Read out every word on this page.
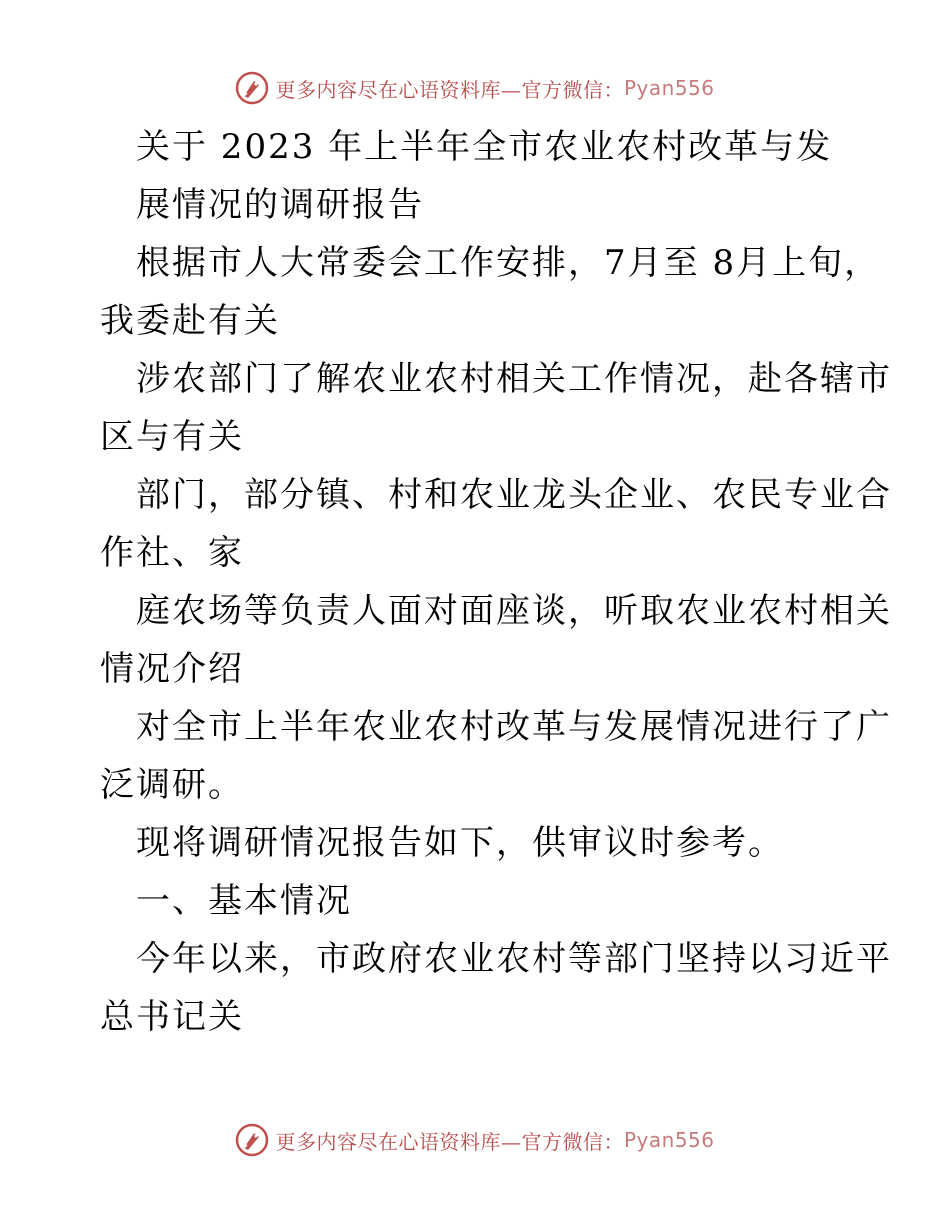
更多内容尽在心语资料库—官方微信： Pyan556
关于 2023 年上半年全市农业农村改革与发
展情况的调研报告
根据市人大常委会工作安排，7月至 8月上旬，
我委赴有关
涉农部门了解农业农村相关工作情况，赴各辖市
区与有关
部门，部分镇、村和农业龙头企业、农民专业合
作社、家
庭农场等负责人面对面座谈，听取农业农村相关
情况介绍
对全市上半年农业农村改革与发展情况进行了广
泛调研。
现将调研情况报告如下，供审议时参考。
一、基本情况
今年以来，市政府农业农村等部门坚持以习近平
总书记关
更多内容尽在心语资料库—官方微信： Pyan556
